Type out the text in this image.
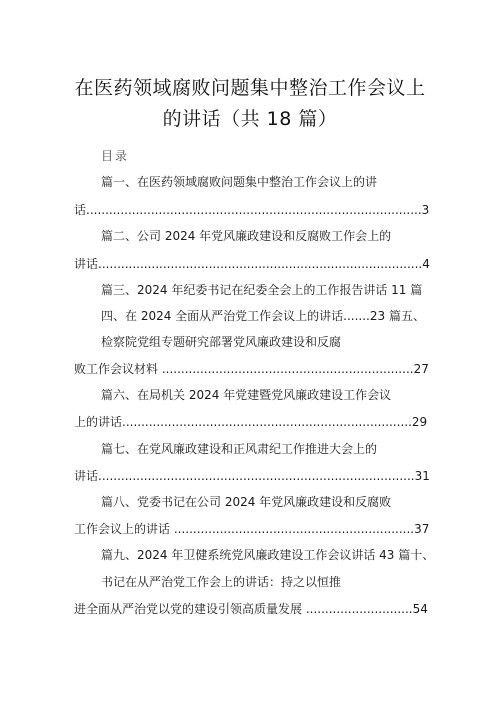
在医药领域腐败问题集中整治工作会议上
的讲话（共 18 篇）
目录
篇一、在医药领域腐败问题集中整治工作会议上的讲
话........................................................................................3
篇二、公司 2024 年党风廉政建设和反腐败工作会上的
讲话.....................................................................................4
篇三、2024 年纪委书记在纪委全会上的工作报告讲话 11 篇
四、在 2024 全面从严治党工作会议上的讲话.......23 篇五、
检察院党组专题研究部署党风廉政建设和反腐
败工作会议材料 ..................................................................27
篇六、在局机关 2024 年党建暨党风廉政建设工作会议
上的讲话............................................................................29
篇七、在党风廉政建设和正风肃纪工作推进大会上的
讲话...................................................................................31
篇八、党委书记在公司 2024 年党风廉政建设和反腐败
工作会议上的讲话 ...............................................................37
篇九、2024 年卫健系统党风廉政建设工作会议讲话 43 篇十、
书记在从严治党工作会上的讲话：持之以恒推
进全面从严治党以党的建设引领高质量发展 ............................54
